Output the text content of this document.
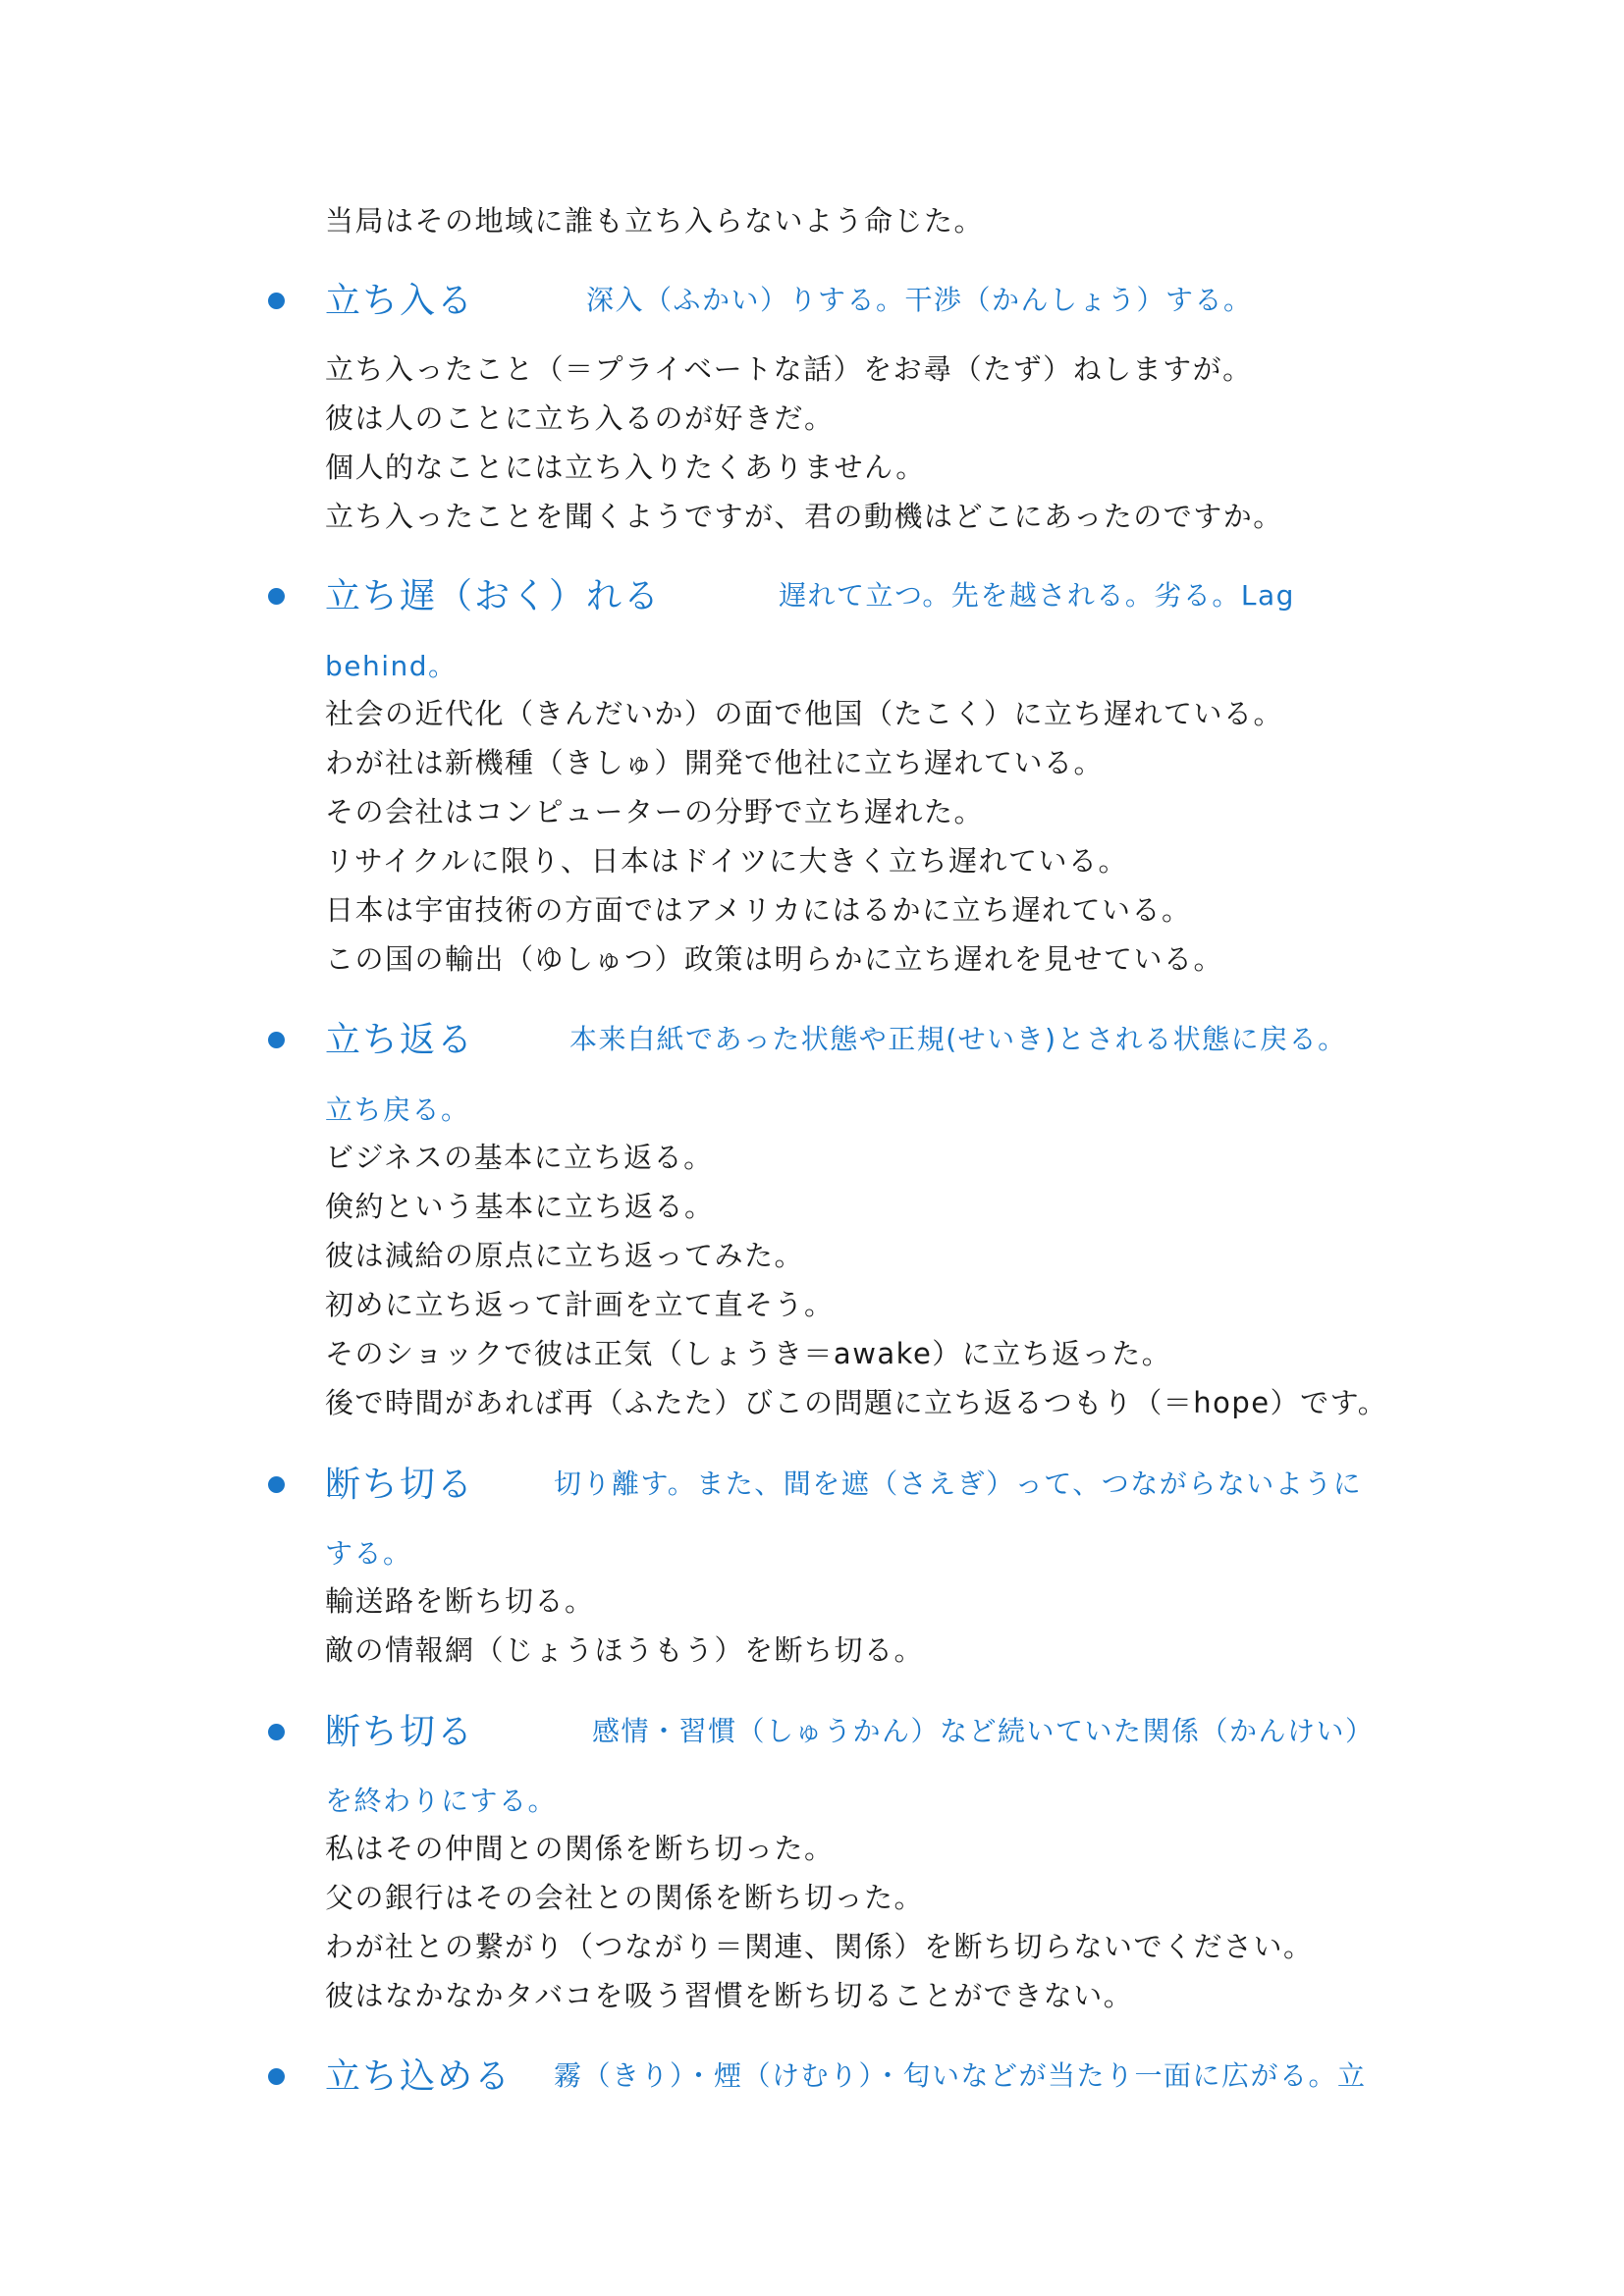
当局はその地域に誰も立ち入らないよう命じた。
立ち入る	深入（ふかい）りする。干渉（かんしょう）する。
立ち入ったこと（＝プライベートな話）をお尋（たず）ねしますが。
彼は人のことに立ち入るのが好きだ。
個人的なことには立ち入りたくありません。
立ち入ったことを聞くようですが、君の動機はどこにあったのですか。
立ち遅（おく）れる	遅れて立つ。先を越される。劣る。Lag
behind。
社会の近代化（きんだいか）の面で他国（たこく）に立ち遅れている。
わが社は新機種（きしゅ）開発で他社に立ち遅れている。
その会社はコンピューターの分野で立ち遅れた。
リサイクルに限り、日本はドイツに大きく立ち遅れている。
日本は宇宙技術の方面ではアメリカにはるかに立ち遅れている。
この国の輸出（ゆしゅつ）政策は明らかに立ち遅れを見せている。
立ち返る	本来白紙であった状態や正規(せいき)とされる状態に戻る。
立ち戻る。
ビジネスの基本に立ち返る。
倹約という基本に立ち返る。
彼は減給の原点に立ち返ってみた。
初めに立ち返って計画を立て直そう。
そのショックで彼は正気（しょうき＝awake）に立ち返った。
後で時間があれば再（ふたた）びこの問題に立ち返るつもり（＝hope）です。
断ち切る	切り離す。また、間を遮（さえぎ）って、つながらないように
する。
輸送路を断ち切る。
敵の情報網（じょうほうもう）を断ち切る。
断ち切る	感情・習慣（しゅうかん）など続いていた関係（かんけい）
を終わりにする。
私はその仲間との関係を断ち切った。
父の銀行はその会社との関係を断ち切った。
わが社との繋がり（つながり＝関連、関係）を断ち切らないでください。
彼はなかなかタバコを吸う習慣を断ち切ることができない。
立ち込める 霧（きり）・煙（けむり）・匂いなどが当たり一面に広がる。立
